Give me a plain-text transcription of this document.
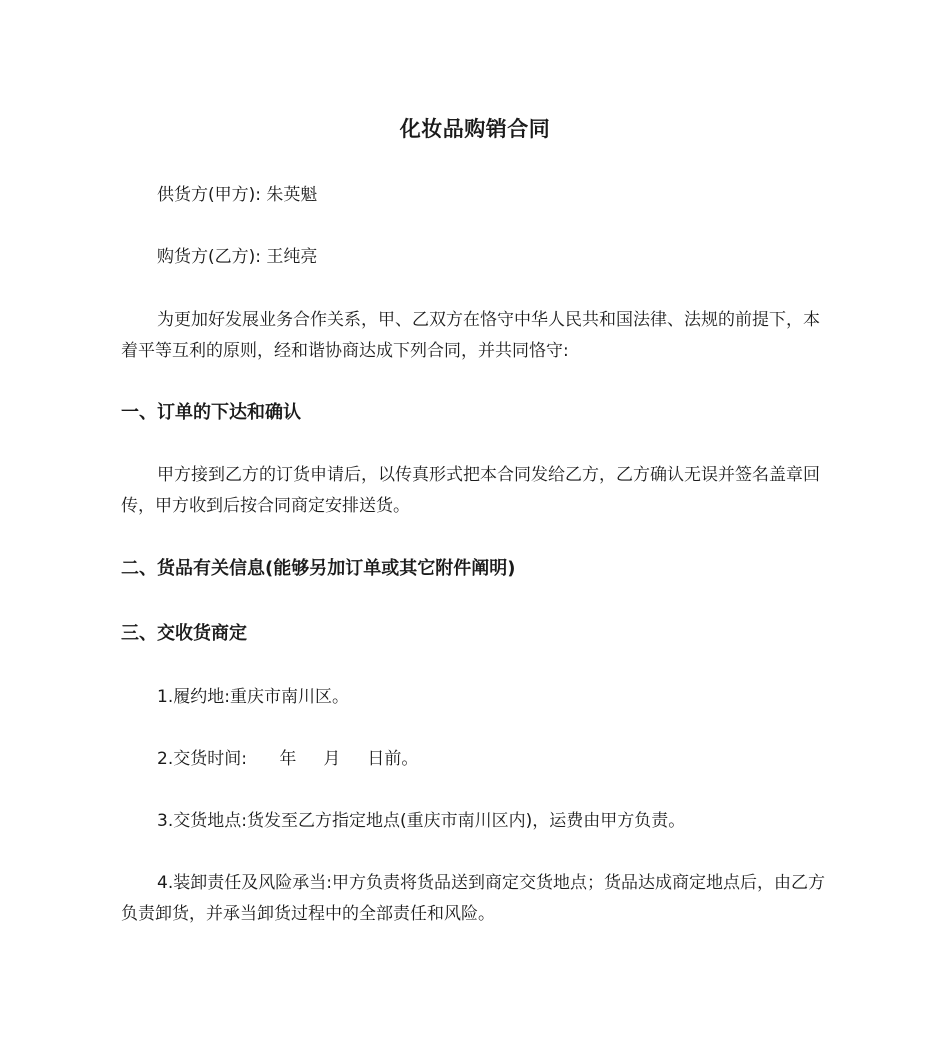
化妆品购销合同

供货方(甲方): 朱英魁

购货方(乙方): 王纯亮

为更加好发展业务合作关系，甲、乙双方在恪守中华人民共和国法律、法规的前提下，本着平等互利的原则，经和谐协商达成下列合同，并共同恪守:

一、订单的下达和确认

甲方接到乙方的订货申请后，以传真形式把本合同发给乙方，乙方确认无误并签名盖章回传，甲方收到后按合同商定安排送货。

二、货品有关信息(能够另加订单或其它附件阐明)

三、交收货商定

1.履约地:重庆市南川区。

2.交货时间:      年     月     日前。

3.交货地点:货发至乙方指定地点(重庆市南川区内)，运费由甲方负责。

4.装卸责任及风险承当:甲方负责将货品送到商定交货地点；货品达成商定地点后，由乙方负责卸货，并承当卸货过程中的全部责任和风险。
